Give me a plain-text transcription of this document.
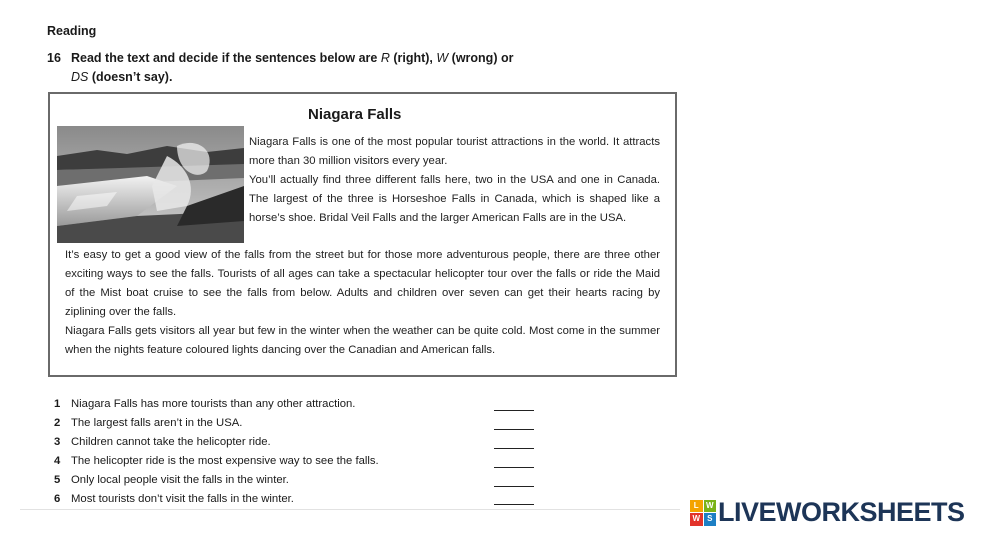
Reading
16 Read the text and decide if the sentences below are R (right), W (wrong) or
DS (doesn’t say).
Niagara Falls

Niagara Falls is one of the most popular tourist attractions in the world. It attracts more than 30 million visitors every year.

You’ll actually find three different falls here, two in the USA and one in Canada. The largest of the three is Horseshoe Falls in Canada, which is shaped like a horse’s shoe. Bridal Veil Falls and the larger American Falls are in the USA.

It’s easy to get a good view of the falls from the street but for those more adventurous people, there are three other exciting ways to see the falls. Tourists of all ages can take a spectacular helicopter tour over the falls or ride the Maid of the Mist boat cruise to see the falls from below. Adults and children over seven can get their hearts racing by ziplining over the falls.

Niagara Falls gets visitors all year but few in the winter when the weather can be quite cold. Most come in the summer when the nights feature coloured lights dancing over the Canadian and American falls.

1 Niagara Falls has more tourists than any other attraction.
2 The largest falls aren’t in the USA.
3 Children cannot take the helicopter ride.
4 The helicopter ride is the most expensive way to see the falls.
5 Only local people visit the falls in the winter.
6 Most tourists don’t visit the falls in the winter.
L W
W S LIVEWORKSHEETS
